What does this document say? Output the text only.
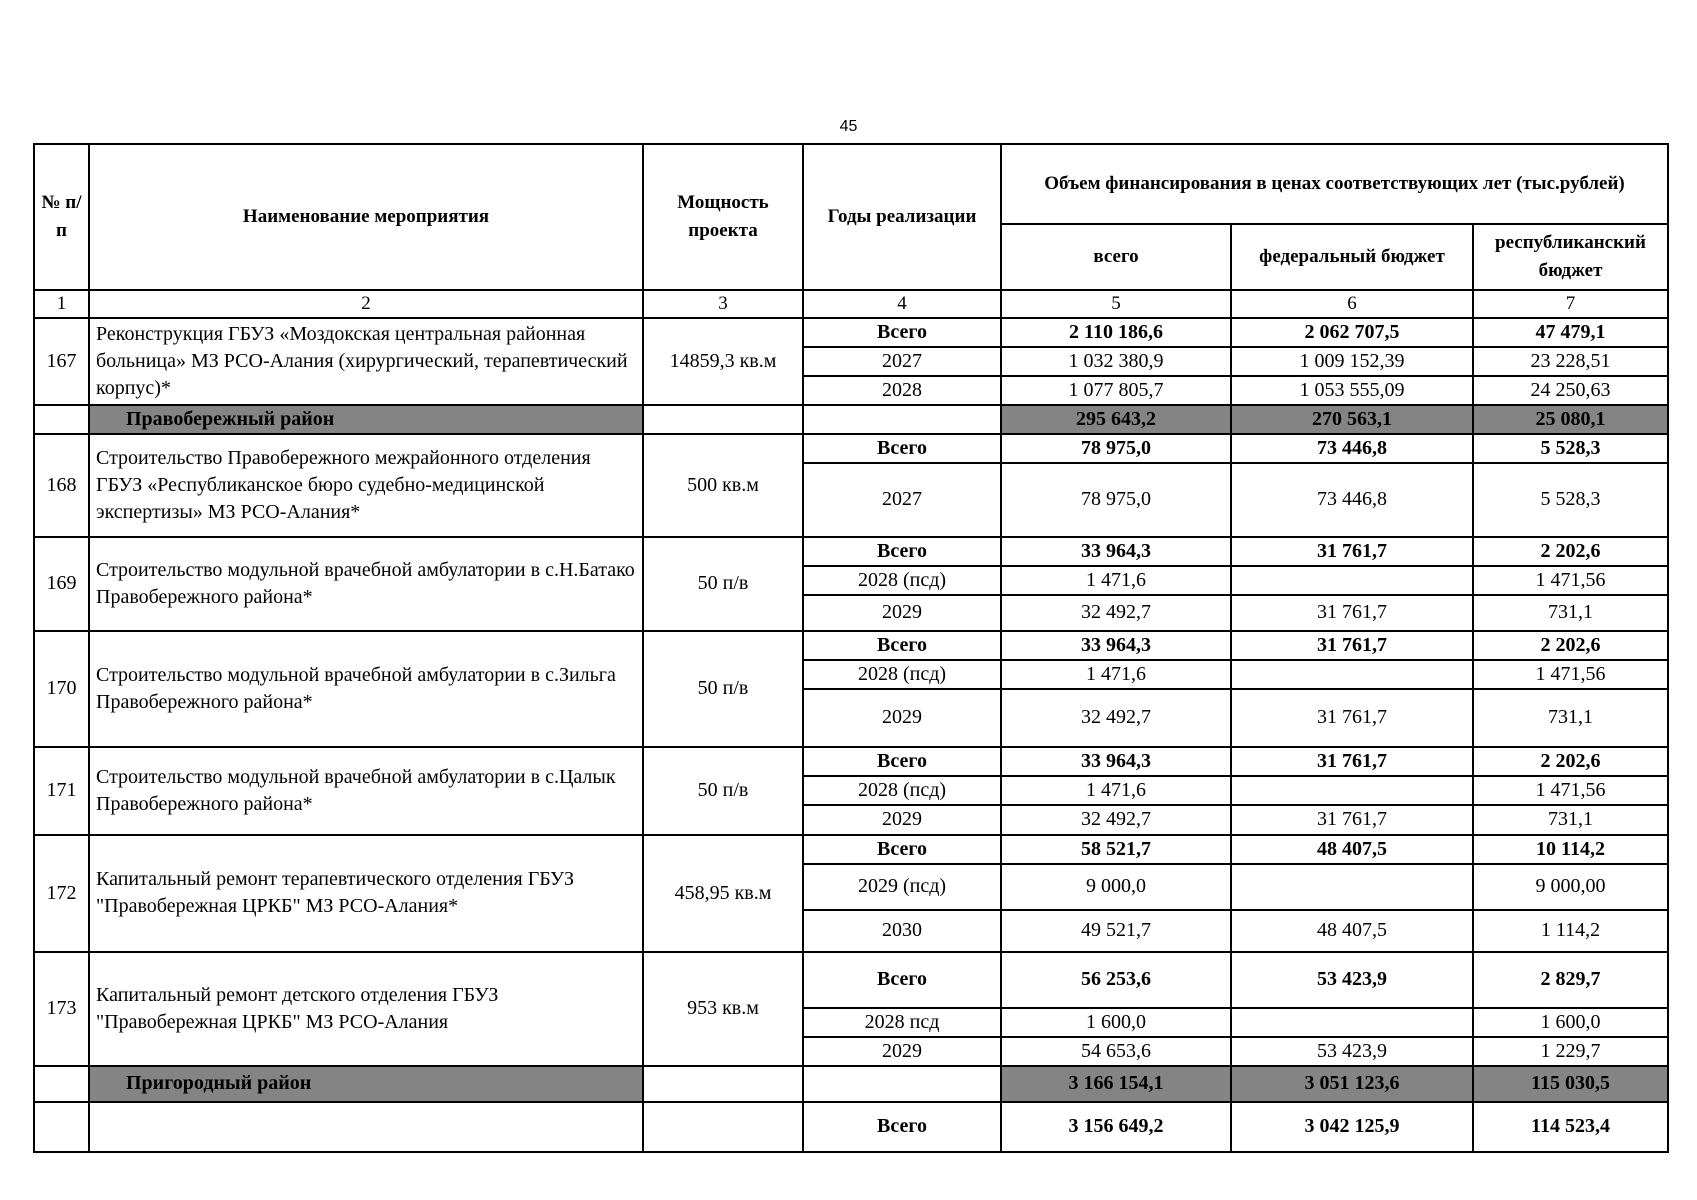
45
№ п/п	Наименование мероприятия	Мощность проекта	Годы реализации	Объем финансирования в ценах соответствующих лет (тыс.рублей)		
				всего	федеральный бюджет	республиканский бюджет
1	2	3	4	5	6	7
167	Реконструкция ГБУЗ «Моздокская центральная районная больница» МЗ РСО-Алания (хирургический, терапевтический корпус)*	14859,3 кв.м	Всего	2 110 186,6	2 062 707,5	47 479,1
			2027	1 032 380,9	1 009 152,39	23 228,51
			2028	1 077 805,7	1 053 555,09	24 250,63
	Правобережный район			295 643,2	270 563,1	25 080,1
168	Строительство Правобережного межрайонного отделения ГБУЗ «Республиканское бюро судебно-медицинской экспертизы» МЗ РСО-Алания*	500 кв.м	Всего	78 975,0	73 446,8	5 528,3
			2027	78 975,0	73 446,8	5 528,3
169	Строительство модульной врачебной амбулатории в с.Н.Батако Правобережного района*	50 п/в	Всего	33 964,3	31 761,7	2 202,6
			2028 (псд)	1 471,6		1 471,56
			2029	32 492,7	31 761,7	731,1
170	Строительство модульной врачебной амбулатории в с.Зильга Правобережного района*	50 п/в	Всего	33 964,3	31 761,7	2 202,6
			2028 (псд)	1 471,6		1 471,56
			2029	32 492,7	31 761,7	731,1
171	Строительство модульной врачебной амбулатории в с.Цалык Правобережного района*	50 п/в	Всего	33 964,3	31 761,7	2 202,6
			2028 (псд)	1 471,6		1 471,56
			2029	32 492,7	31 761,7	731,1
172	Капитальный ремонт терапевтического отделения ГБУЗ "Правобережная ЦРКБ" МЗ РСО-Алания*	458,95 кв.м	Всего	58 521,7	48 407,5	10 114,2
			2029 (псд)	9 000,0		9 000,00
			2030	49 521,7	48 407,5	1 114,2
173	Капитальный ремонт детского отделения ГБУЗ "Правобережная ЦРКБ" МЗ РСО-Алания	953 кв.м	Всего	56 253,6	53 423,9	2 829,7
			2028 псд	1 600,0		1 600,0
			2029	54 653,6	53 423,9	1 229,7
	Пригородный район			3 166 154,1	3 051 123,6	115 030,5
			Всего	3 156 649,2	3 042 125,9	114 523,4
